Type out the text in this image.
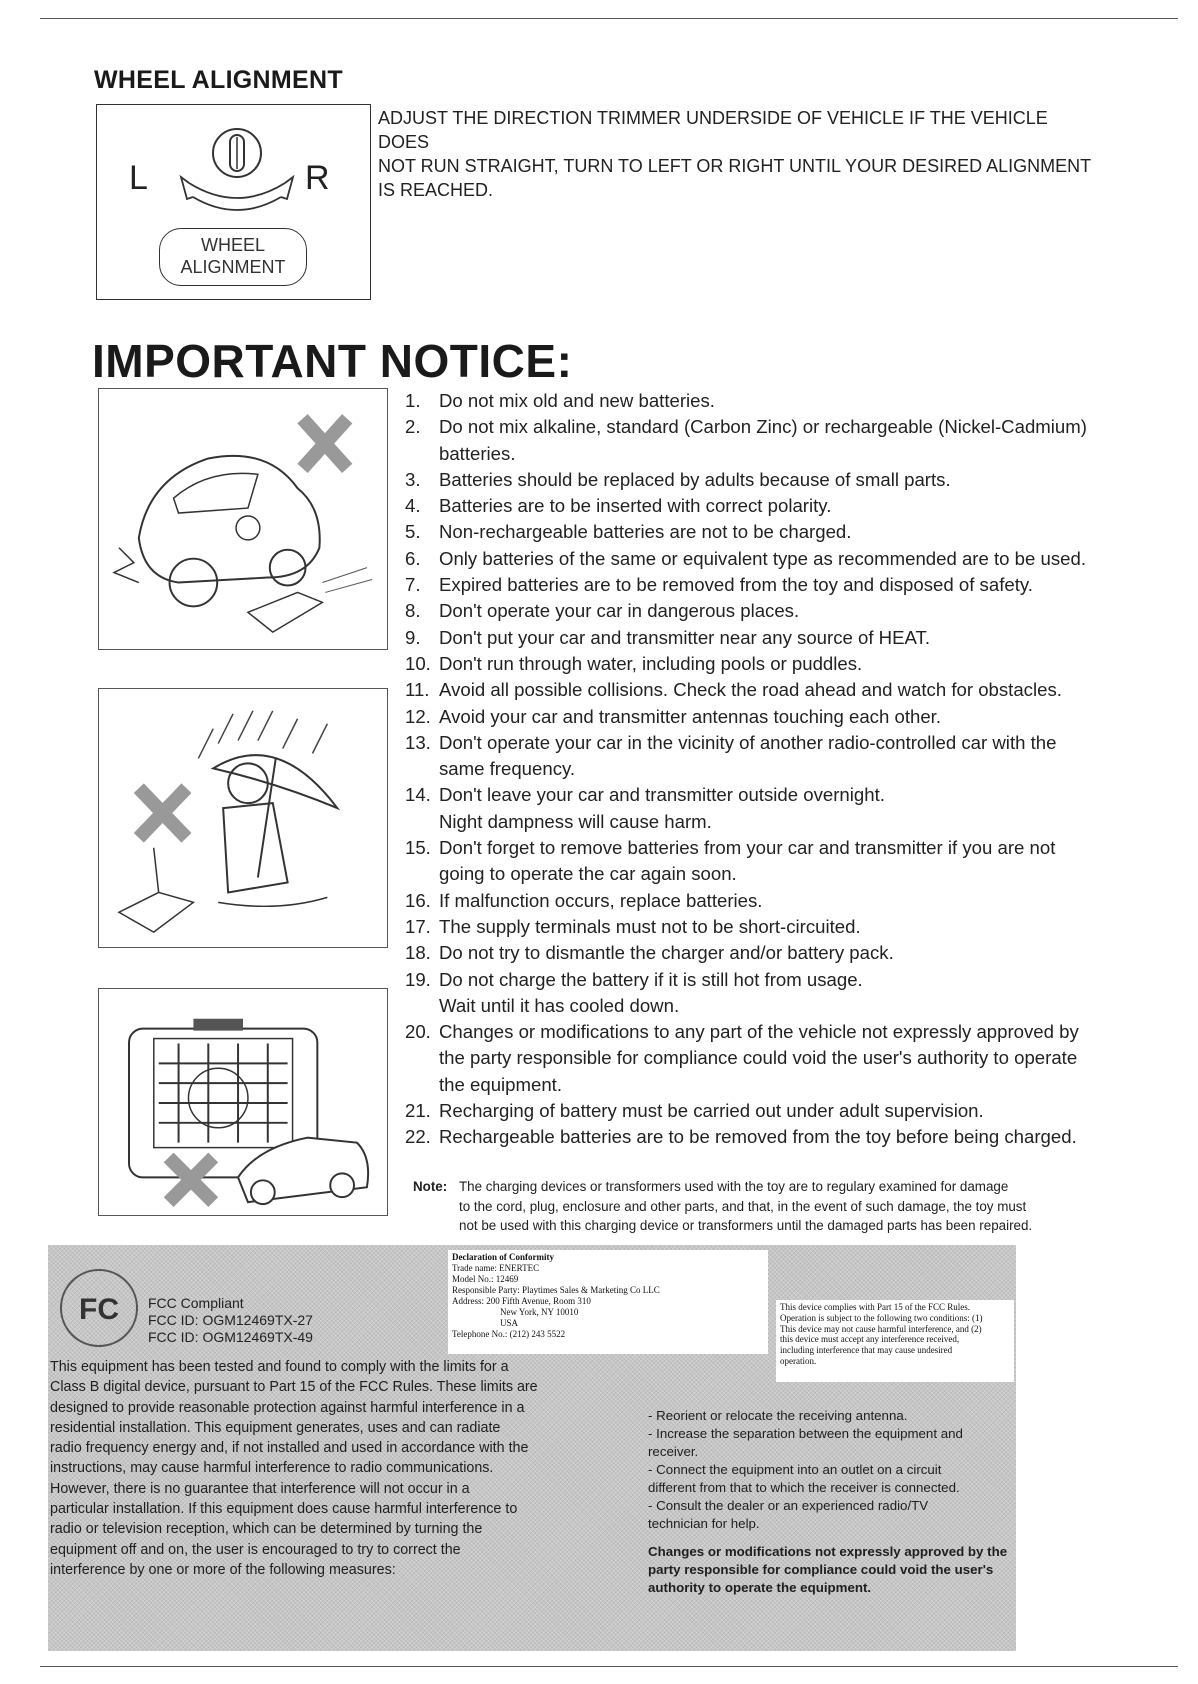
WHEEL ALIGNMENT
L	R
WHEEL
ALIGNMENT
ADJUST THE DIRECTION TRIMMER UNDERSIDE OF VEHICLE IF THE VEHICLE DOES
NOT RUN STRAIGHT, TURN TO LEFT OR RIGHT UNTIL YOUR DESIRED ALIGNMENT
IS REACHED.
IMPORTANT NOTICE:
1. Do not mix old and new batteries.
2. Do not mix alkaline, standard (Carbon Zinc) or rechargeable (Nickel-Cadmium)
batteries.
3. Batteries should be replaced by adults because of small parts.
4. Batteries are to be inserted with correct polarity.
5. Non-rechargeable batteries are not to be charged.
6. Only batteries of the same or equivalent type as recommended are to be used.
7. Expired batteries are to be removed from the toy and disposed of safety.
8. Don't operate your car in dangerous places.
9. Don't put your car and transmitter near any source of HEAT.
10. Don't run through water, including pools or puddles.
11. Avoid all possible collisions. Check the road ahead and watch for obstacles.
12. Avoid your car and transmitter antennas touching each other.
13. Don't operate your car in the vicinity of another radio-controlled car with the
same frequency.
14. Don't leave your car and transmitter outside overnight.
Night dampness will cause harm.
15. Don't forget to remove batteries from your car and transmitter if you are not
going to operate the car again soon.
16. If malfunction occurs, replace batteries.
17. The supply terminals must not to be short-circuited.
18. Do not try to dismantle the charger and/or battery pack.
19. Do not charge the battery if it is still hot from usage.
Wait until it has cooled down.
20. Changes or modifications to any part of the vehicle not expressly approved by
the party responsible for compliance could void the user's authority to operate
the equipment.
21. Recharging of battery must be carried out under adult supervision.
22. Rechargeable batteries are to be removed from the toy before being charged.
Note: The charging devices or transformers used with the toy are to regulary examined for damage
to the cord, plug, enclosure and other parts, and that, in the event of such damage, the toy must
not be used with this charging device or transformers until the damaged parts has been repaired.
FC FCC Compliant
FCC ID: OGM12469TX-27
FCC ID: OGM12469TX-49
Declaration of Conformity
Trade name: ENERTEC
Model No.: 12469
Responsible Party: Playtimes Sales & Marketing Co LLC
Address: 200 Fifth Avenue, Room 310
New York, NY 10010
USA
Telephone No.: (212) 243 5522
This device complies with Part 15 of the FCC Rules.
Operation is subject to the following two conditions: (1)
This device may not cause harmful interference, and (2)
this device must accept any interference received,
including interference that may cause undesired
operation.
This equipment has been tested and found to comply with the limits for a
Class B digital device, pursuant to Part 15 of the FCC Rules. These limits are
designed to provide reasonable protection against harmful interference in a
residential installation. This equipment generates, uses and can radiate
radio frequency energy and, if not installed and used in accordance with the
instructions, may cause harmful interference to radio communications.
However, there is no guarantee that interference will not occur in a
particular installation. If this equipment does cause harmful interference to
radio or television reception, which can be determined by turning the
equipment off and on, the user is encouraged to try to correct the
interference by one or more of the following measures:
- Reorient or relocate the receiving antenna.
- Increase the separation between the equipment and
receiver.
- Connect the equipment into an outlet on a circuit
different from that to which the receiver is connected.
- Consult the dealer or an experienced radio/TV
technician for help.
Changes or modifications not expressly approved by the
party responsible for compliance could void the user's
authority to operate the equipment.
